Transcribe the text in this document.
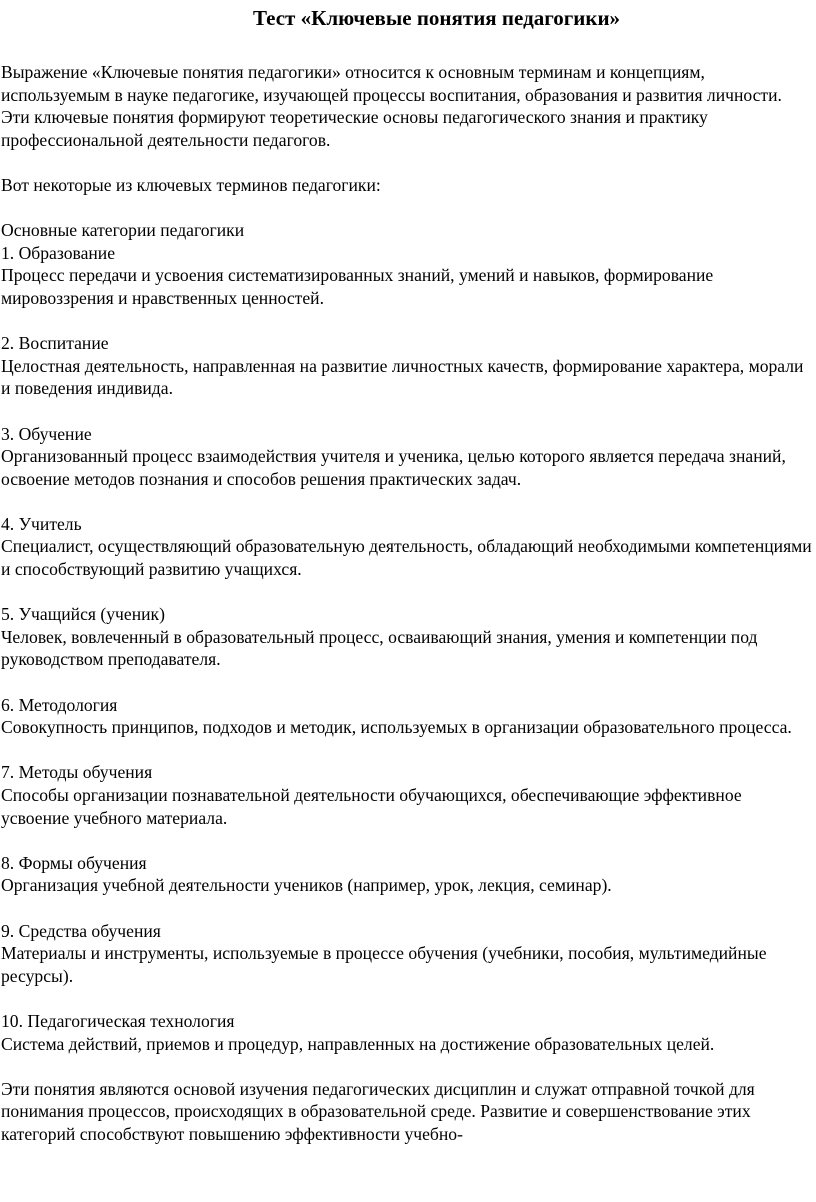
Тест «Ключевые понятия педагогики»

Выражение «Ключевые понятия педагогики» относится к основным терминам и концепциям, используемым в науке педагогике, изучающей процессы воспитания, образования и развития личности. Эти ключевые понятия формируют теоретические основы педагогического знания и практику профессиональной деятельности педагогов.

Вот некоторые из ключевых терминов педагогики:

Основные категории педагогики

1. Образование

Процесс передачи и усвоения систематизированных знаний, умений и навыков, формирование мировоззрения и нравственных ценностей.

2. Воспитание

Целостная деятельность, направленная на развитие личностных качеств, формирование характера, морали и поведения индивида.

3. Обучение

Организованный процесс взаимодействия учителя и ученика, целью которого является передача знаний, освоение методов познания и способов решения практических задач.

4. Учитель

Специалист, осуществляющий образовательную деятельность, обладающий необходимыми компетенциями и способствующий развитию учащихся.

5. Учащийся (ученик)

Человек, вовлеченный в образовательный процесс, осваивающий знания, умения и компетенции под руководством преподавателя.

6. Методология

Совокупность принципов, подходов и методик, используемых в организации образовательного процесса.

7. Методы обучения

Способы организации познавательной деятельности обучающихся, обеспечивающие эффективное усвоение учебного материала.

8. Формы обучения

Организация учебной деятельности учеников (например, урок, лекция, семинар).

9. Средства обучения

Материалы и инструменты, используемые в процессе обучения (учебники, пособия, мультимедийные ресурсы).

10. Педагогическая технология

Система действий, приемов и процедур, направленных на достижение образовательных целей.

Эти понятия являются основой изучения педагогических дисциплин и служат отправной точкой для понимания процессов, происходящих в образовательной среде. Развитие и совершенствование этих категорий способствуют повышению эффективности учебно-
